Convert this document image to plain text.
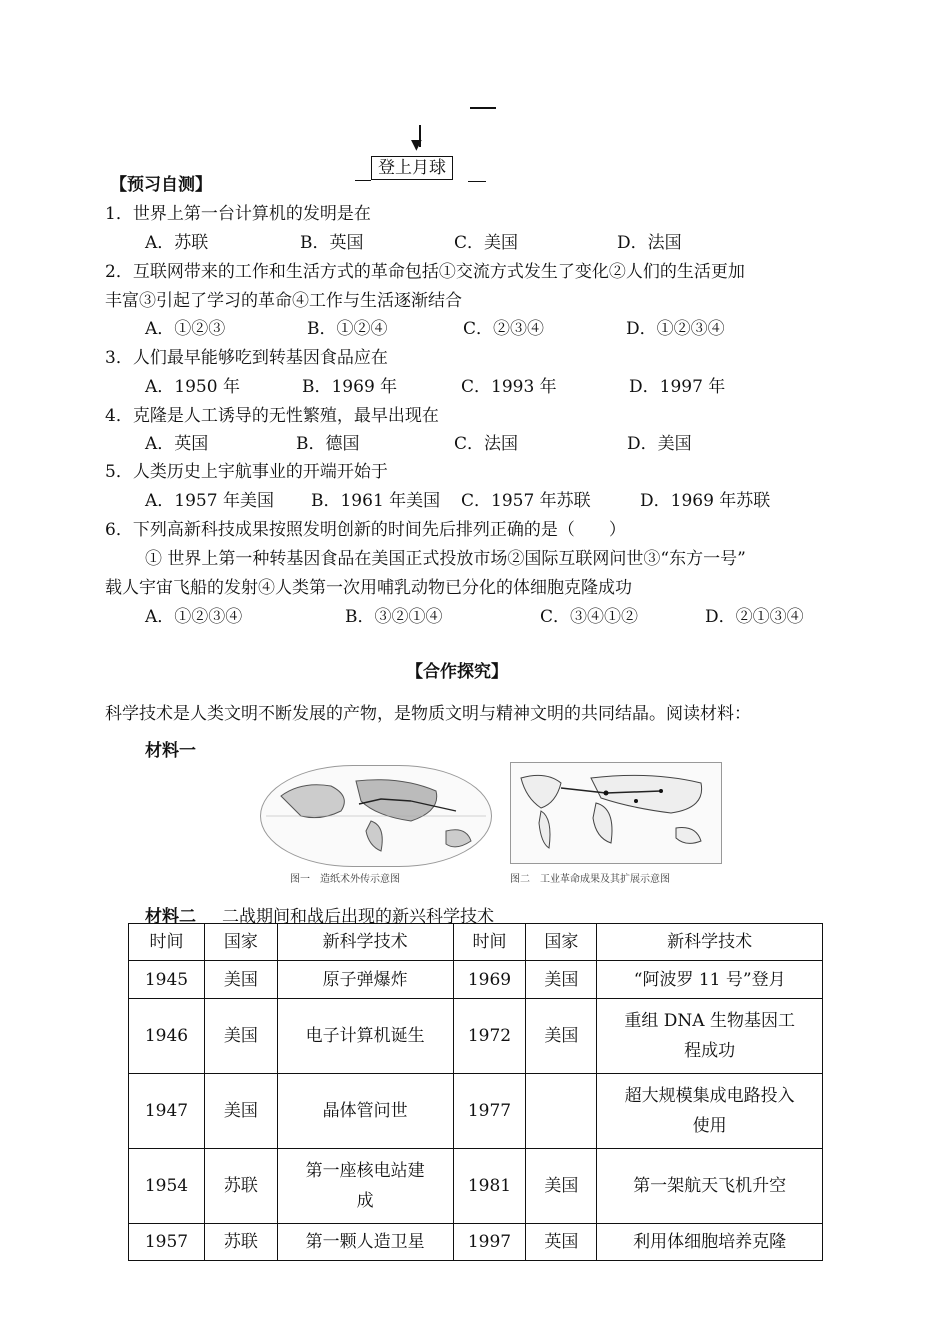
▼
登上月球
【预习自测】
1．世界上第一台计算机的发明是在
A．苏联	B．英国	C．美国	D．法国
2．互联网带来的工作和生活方式的革命包括①交流方式发生了变化②人们的生活更加
丰富③引起了学习的革命④工作与生活逐渐结合
A．①②③	B．①②④	C．②③④	D．①②③④
3．人们最早能够吃到转基因食品应在
A．1950 年	B．1969 年	C．1993 年	D．1997 年
4．克隆是人工诱导的无性繁殖，最早出现在
A．英国	B．德国	C．法国	D．美国
5．人类历史上宇航事业的开端开始于
A．1957 年美国 B．1961 年美国 C．1957 年苏联	D．1969 年苏联
6．下列高新科技成果按照发明创新的时间先后排列正确的是（　　）
① 世界上第一种转基因食品在美国正式投放市场②国际互联网问世③“东方一号”
载人宇宙飞船的发射④人类第一次用哺乳动物已分化的体细胞克隆成功
A．①②③④	B．③②①④	C．③④①②	D．②①③④
【合作探究】
科学技术是人类文明不断发展的产物，是物质文明与精神文明的共同结晶。阅读材料：
材料一
图一　造纸术外传示意图	图二　工业革命成果及其扩展示意图
材料二 二战期间和战后出现的新兴科学技术
时间	国家	新科学技术	时间	国家	新科学技术
1945	美国	原子弹爆炸	1969	美国	“阿波罗 11 号”登月
1946	美国	电子计算机诞生	1972	美国	重组 DNA 生物基因工程成功
1947	美国	晶体管问世	1977		超大规模集成电路投入使用
1954	苏联	第一座核电站建成	1981	美国	第一架航天飞机升空
1957	苏联	第一颗人造卫星	1997	英国	利用体细胞培养克隆
